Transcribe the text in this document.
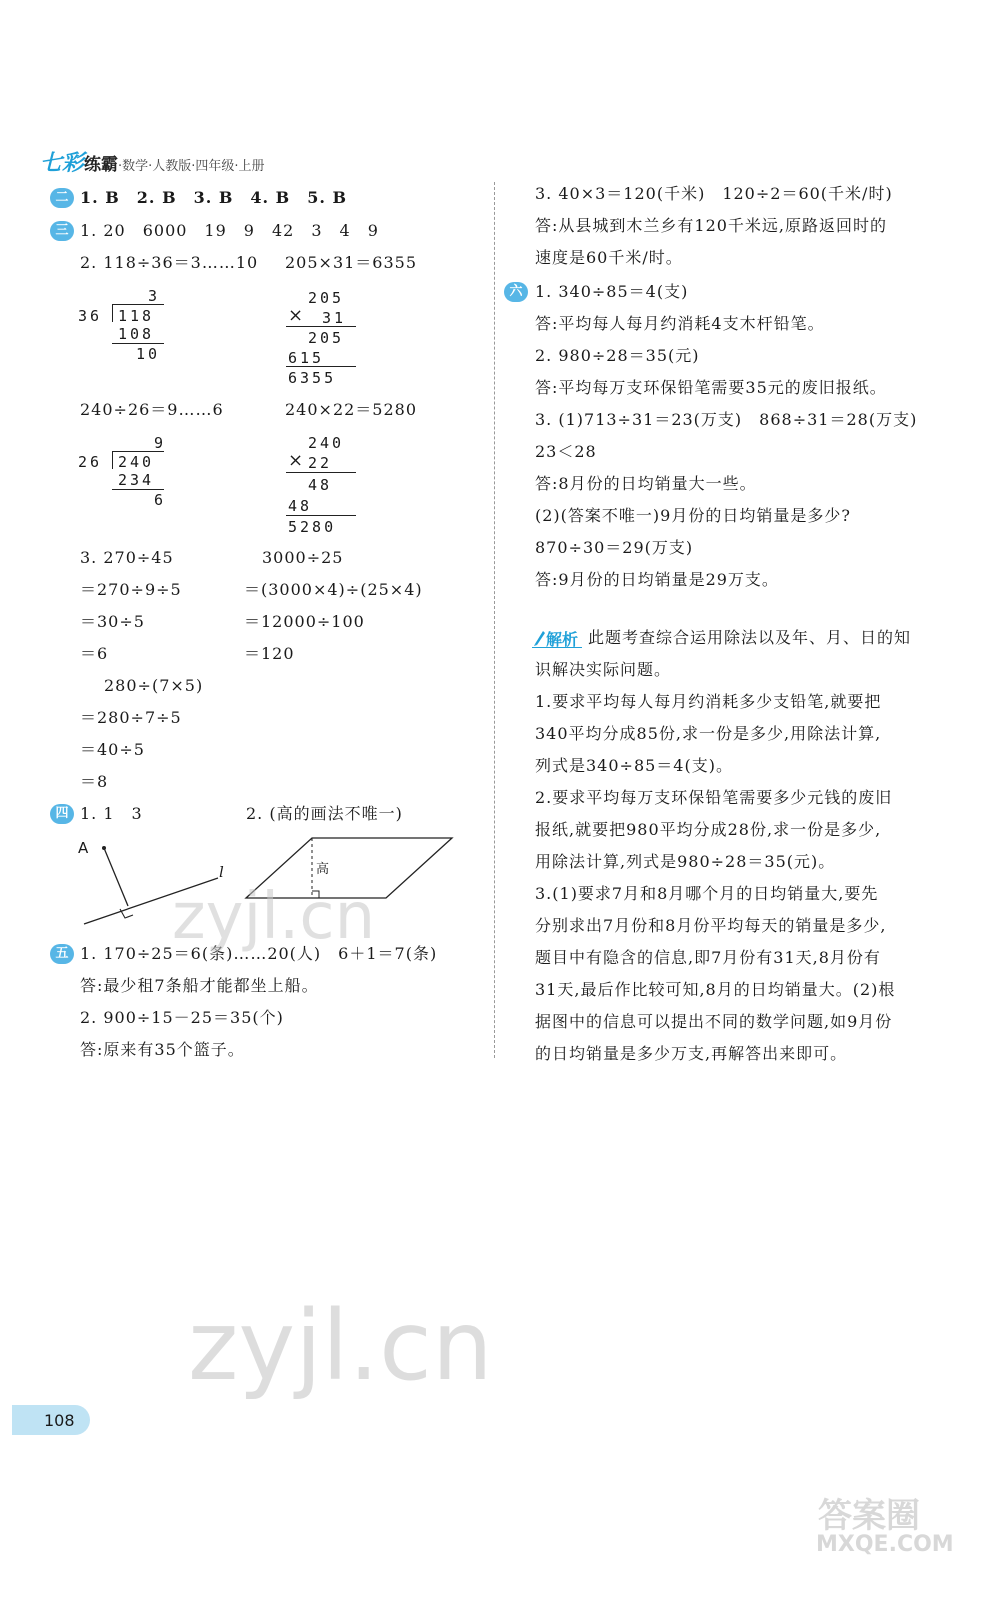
七彩练霸·数学·人教版·四年级·上册
二 1. B　2. B　3. B　4. B　5. B
三 1. 20　6000　19　9　42　3　4　9
2. 118÷36＝3……10 205×31＝6355
3
36 118
108
10
205
× 31
205
615
6355
240÷26＝9……6	240×22＝5280
9
26 240
234
6
240
× 22
48
48
5280
3. 270÷45
＝270÷9÷5
＝30÷5
＝6
3000÷25
＝(3000×4)÷(25×4)
＝12000÷100
＝120
280÷(7×5)
＝280÷7÷5
＝40÷5
＝8
四 1. 1　3	2. (高的画法不唯一)
A
l	高
五 1. 170÷25＝6(条)……20(人)　6＋1＝7(条)
答:最少租7条船才能都坐上船。
2. 900÷15－25＝35(个)
答:原来有35个篮子。
3. 40×3＝120(千米)　120÷2＝60(千米/时)
答:从县城到木兰乡有120千米远,原路返回时的
速度是60千米/时。
六 1. 340÷85＝4(支)
答:平均每人每月约消耗4支木杆铅笔。
2. 980÷28＝35(元)
答:平均每万支环保铅笔需要35元的废旧报纸。
3. (1)713÷31＝23(万支)　868÷31＝28(万支)
23＜28
答:8月份的日均销量大一些。
(2)(答案不唯一)9月份的日均销量是多少?
870÷30＝29(万支)
答:9月份的日均销量是29万支。
解析 此题考查综合运用除法以及年、月、日的知
识解决实际问题。
1.要求平均每人每月约消耗多少支铅笔,就要把
340平均分成85份,求一份是多少,用除法计算,
列式是340÷85＝4(支)。
2.要求平均每万支环保铅笔需要多少元钱的废旧
报纸,就要把980平均分成28份,求一份是多少,
用除法计算,列式是980÷28＝35(元)。
3.(1)要求7月和8月哪个月的日均销量大,要先
分别求出7月份和8月份平均每天的销量是多少,
题目中有隐含的信息,即7月份有31天,8月份有
31天,最后作比较可知,8月的日均销量大。(2)根
据图中的信息可以提出不同的数学问题,如9月份
的日均销量是多少万支,再解答出来即可。
zyjl.cn
zyjl.cn
答案圈
MXQE.COM
108
